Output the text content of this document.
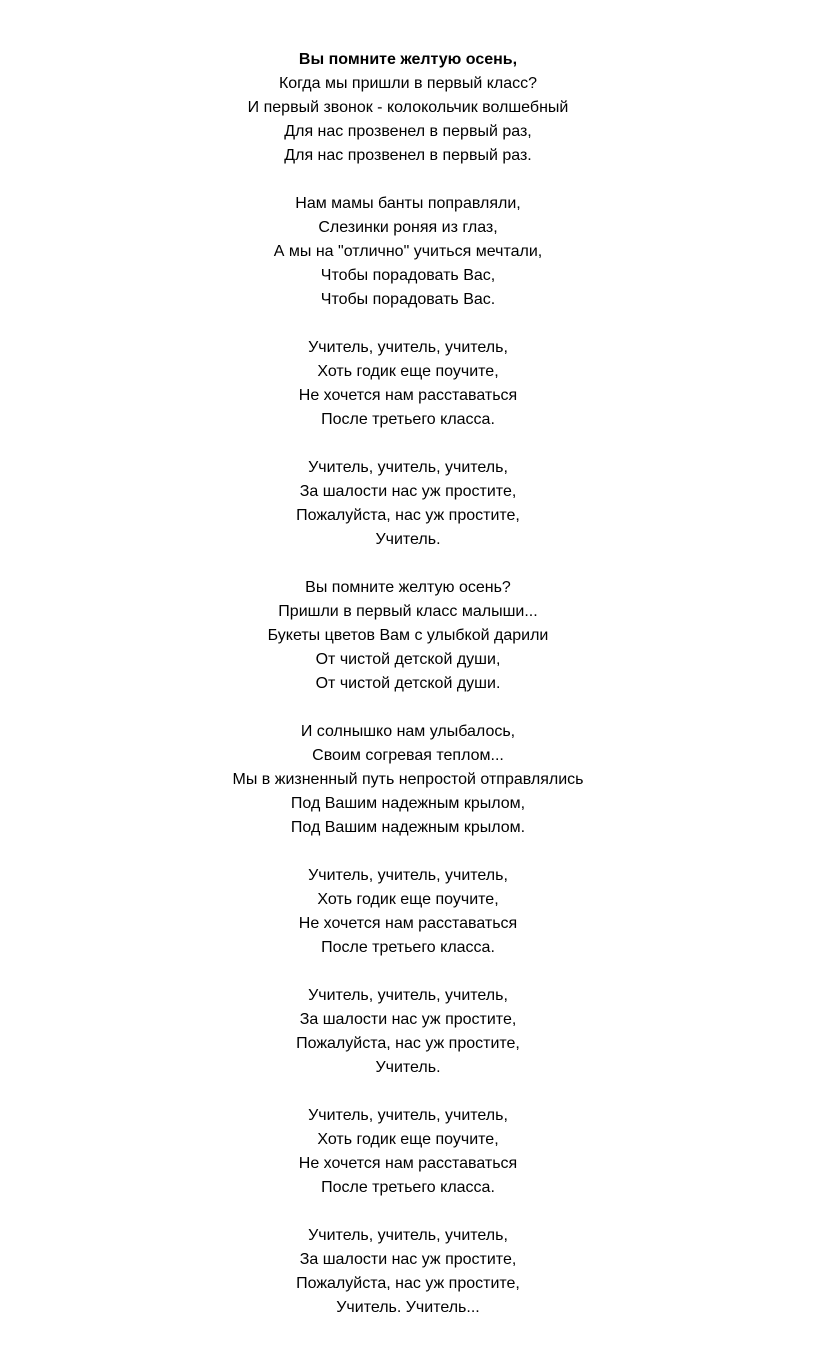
Вы помните желтую осень,
Когда мы пришли в первый класс?
И первый звонок - колокольчик волшебный
Для нас прозвенел в первый раз,
Для нас прозвенел в первый раз.
Нам мамы банты поправляли,
Слезинки роняя из глаз,
А мы на "отлично" учиться мечтали,
Чтобы порадовать Вас,
Чтобы порадовать Вас.
Учитель, учитель, учитель,
Хоть годик еще поучите,
Не хочется нам расставаться
После третьего класса.
Учитель, учитель, учитель,
За шалости нас уж простите,
Пожалуйста, нас уж простите,
Учитель.
Вы помните желтую осень?
Пришли в первый класс малыши...
Букеты цветов Вам с улыбкой дарили
От чистой детской души,
От чистой детской души.
И солнышко нам улыбалось,
Своим согревая теплом...
Мы в жизненный путь непростой отправлялись
Под Вашим надежным крылом,
Под Вашим надежным крылом.
Учитель, учитель, учитель,
Хоть годик еще поучите,
Не хочется нам расставаться
После третьего класса.
Учитель, учитель, учитель,
За шалости нас уж простите,
Пожалуйста, нас уж простите,
Учитель.
Учитель, учитель, учитель,
Хоть годик еще поучите,
Не хочется нам расставаться
После третьего класса.
Учитель, учитель, учитель,
За шалости нас уж простите,
Пожалуйста, нас уж простите,
Учитель. Учитель...
